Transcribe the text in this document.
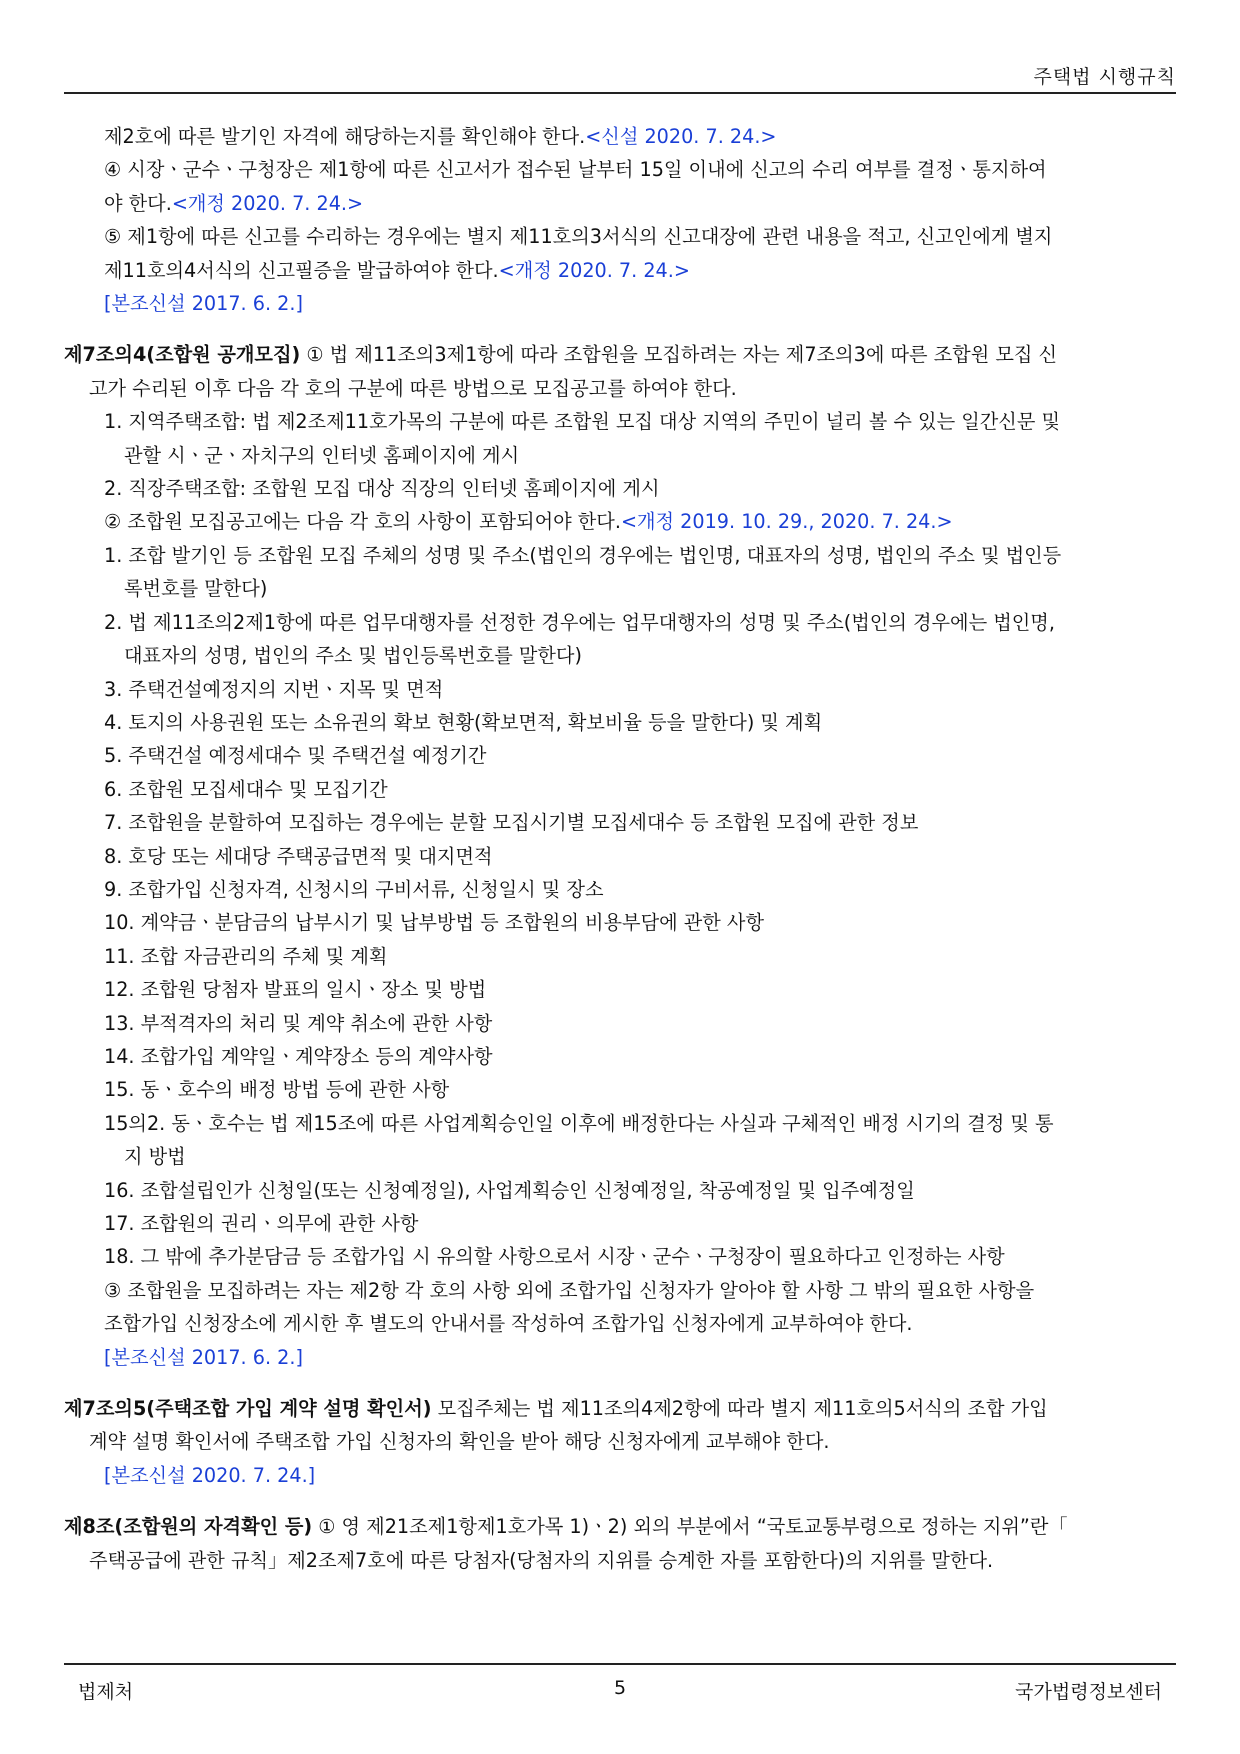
주택법 시행규칙
제2호에 따른 발기인 자격에 해당하는지를 확인해야 한다.<신설 2020. 7. 24.>
④ 시장ㆍ군수ㆍ구청장은 제1항에 따른 신고서가 접수된 날부터 15일 이내에 신고의 수리 여부를 결정ㆍ통지하여
야 한다.<개정 2020. 7. 24.>
⑤ 제1항에 따른 신고를 수리하는 경우에는 별지 제11호의3서식의 신고대장에 관련 내용을 적고, 신고인에게 별지
제11호의4서식의 신고필증을 발급하여야 한다.<개정 2020. 7. 24.>
[본조신설 2017. 6. 2.]
제7조의4(조합원 공개모집) ① 법 제11조의3제1항에 따라 조합원을 모집하려는 자는 제7조의3에 따른 조합원 모집 신
고가 수리된 이후 다음 각 호의 구분에 따른 방법으로 모집공고를 하여야 한다.
1. 지역주택조합: 법 제2조제11호가목의 구분에 따른 조합원 모집 대상 지역의 주민이 널리 볼 수 있는 일간신문 및
관할 시ㆍ군ㆍ자치구의 인터넷 홈페이지에 게시
2. 직장주택조합: 조합원 모집 대상 직장의 인터넷 홈페이지에 게시
② 조합원 모집공고에는 다음 각 호의 사항이 포함되어야 한다.<개정 2019. 10. 29., 2020. 7. 24.>
1. 조합 발기인 등 조합원 모집 주체의 성명 및 주소(법인의 경우에는 법인명, 대표자의 성명, 법인의 주소 및 법인등
록번호를 말한다)
2. 법 제11조의2제1항에 따른 업무대행자를 선정한 경우에는 업무대행자의 성명 및 주소(법인의 경우에는 법인명,
대표자의 성명, 법인의 주소 및 법인등록번호를 말한다)
3. 주택건설예정지의 지번ㆍ지목 및 면적
4. 토지의 사용권원 또는 소유권의 확보 현황(확보면적, 확보비율 등을 말한다) 및 계획
5. 주택건설 예정세대수 및 주택건설 예정기간
6. 조합원 모집세대수 및 모집기간
7. 조합원을 분할하여 모집하는 경우에는 분할 모집시기별 모집세대수 등 조합원 모집에 관한 정보
8. 호당 또는 세대당 주택공급면적 및 대지면적
9. 조합가입 신청자격, 신청시의 구비서류, 신청일시 및 장소
10. 계약금ㆍ분담금의 납부시기 및 납부방법 등 조합원의 비용부담에 관한 사항
11. 조합 자금관리의 주체 및 계획
12. 조합원 당첨자 발표의 일시ㆍ장소 및 방법
13. 부적격자의 처리 및 계약 취소에 관한 사항
14. 조합가입 계약일ㆍ계약장소 등의 계약사항
15. 동ㆍ호수의 배정 방법 등에 관한 사항
15의2. 동ㆍ호수는 법 제15조에 따른 사업계획승인일 이후에 배정한다는 사실과 구체적인 배정 시기의 결정 및 통
지 방법
16. 조합설립인가 신청일(또는 신청예정일), 사업계획승인 신청예정일, 착공예정일 및 입주예정일
17. 조합원의 권리ㆍ의무에 관한 사항
18. 그 밖에 추가분담금 등 조합가입 시 유의할 사항으로서 시장ㆍ군수ㆍ구청장이 필요하다고 인정하는 사항
③ 조합원을 모집하려는 자는 제2항 각 호의 사항 외에 조합가입 신청자가 알아야 할 사항 그 밖의 필요한 사항을
조합가입 신청장소에 게시한 후 별도의 안내서를 작성하여 조합가입 신청자에게 교부하여야 한다.
[본조신설 2017. 6. 2.]
제7조의5(주택조합 가입 계약 설명 확인서) 모집주체는 법 제11조의4제2항에 따라 별지 제11호의5서식의 조합 가입
계약 설명 확인서에 주택조합 가입 신청자의 확인을 받아 해당 신청자에게 교부해야 한다.
[본조신설 2020. 7. 24.]
제8조(조합원의 자격확인 등) ① 영 제21조제1항제1호가목 1)ㆍ2) 외의 부분에서 “국토교통부령으로 정하는 지위”란「
주택공급에 관한 규칙」제2조제7호에 따른 당첨자(당첨자의 지위를 승계한 자를 포함한다)의 지위를 말한다.
법제처	5	국가법령정보센터
